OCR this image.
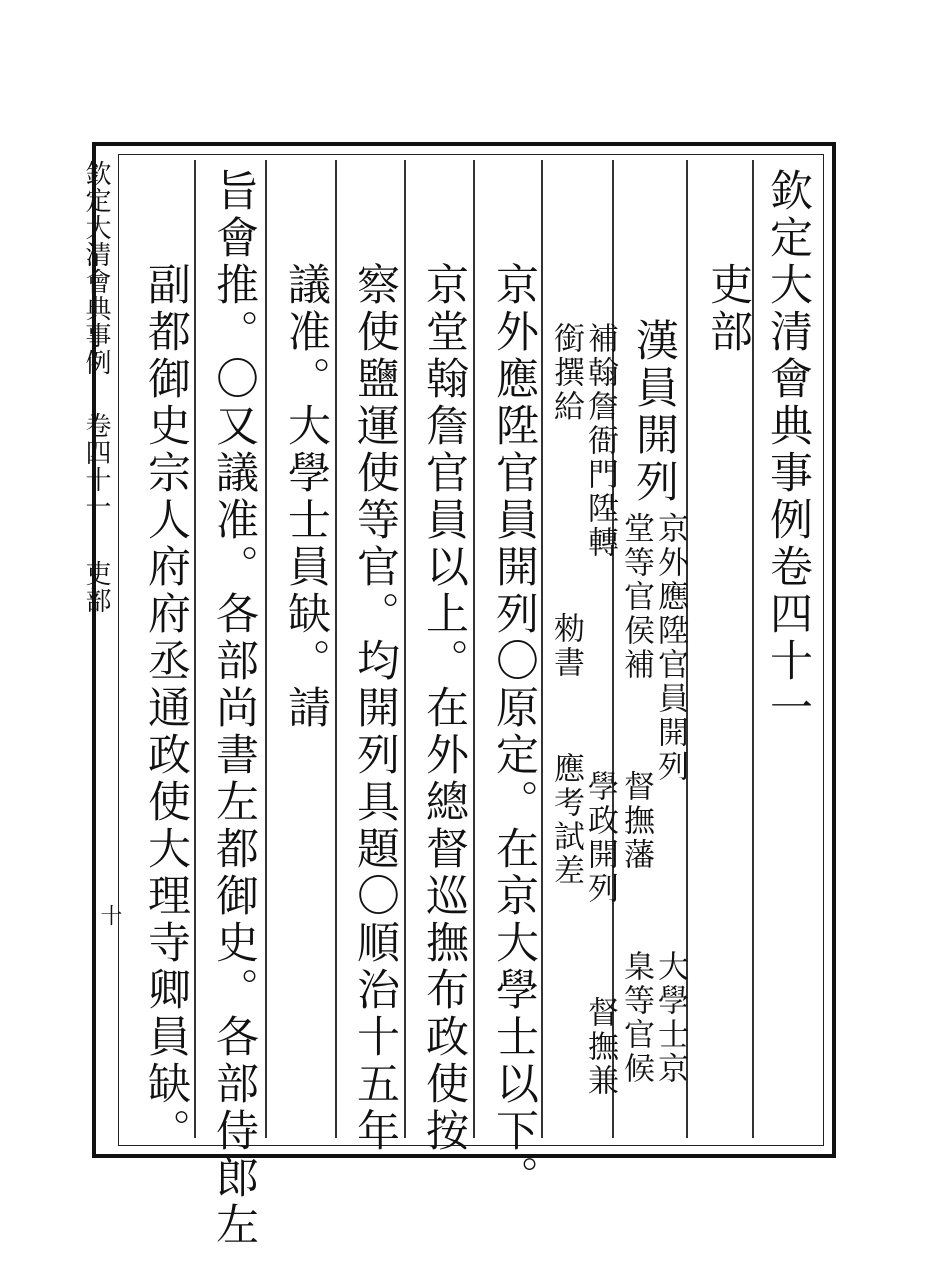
欽定大清會典事例
卷四十一
吏部
十
欽定大清會典事例卷四十一
吏部
漢員開列
京外應陞官員開列
大學士京
堂等官侯補
督撫藩
臬等官候
補翰詹衙門陞轉
學政開列
督撫兼
銜撰給
勑書
應考試差
京外應陞官員開列〇原定。在京大學士以下。
京堂翰詹官員以上。在外總督巡撫布政使按
察使鹽運使等官。均開列具題〇順治十五年
議准。大學士員缺。請
旨會推。〇又議准。各部尚書左都御史。各部侍郎左
副都御史宗人府府丞通政使大理寺卿員缺。
